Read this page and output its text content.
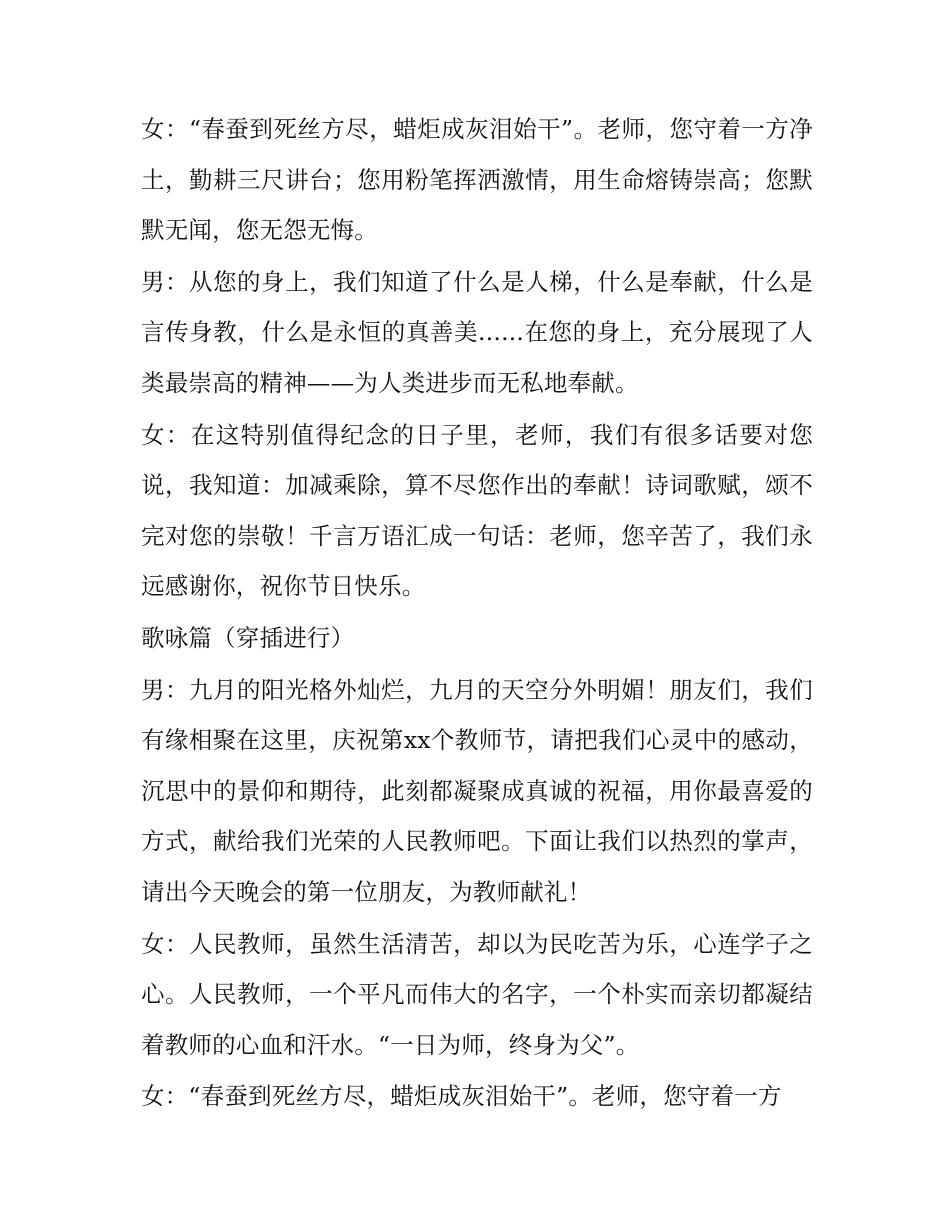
女：“春蚕到死丝方尽，蜡炬成灰泪始干”。老师，您守着一方净土，勤耕三尺讲台；您用粉笔挥洒激情，用生命熔铸崇高；您默默无闻，您无怨无悔。

男：从您的身上，我们知道了什么是人梯，什么是奉献，什么是言传身教，什么是永恒的真善美......在您的身上，充分展现了人类最崇高的精神——为人类进步而无私地奉献。

女：在这特别值得纪念的日子里，老师，我们有很多话要对您说，我知道：加减乘除，算不尽您作出的奉献！诗词歌赋，颂不完对您的崇敬！千言万语汇成一句话：老师，您辛苦了，我们永远感谢你，祝你节日快乐。

歌咏篇（穿插进行）

男：九月的阳光格外灿烂，九月的天空分外明媚！朋友们，我们有缘相聚在这里，庆祝第xx个教师节，请把我们心灵中的感动，沉思中的景仰和期待，此刻都凝聚成真诚的祝福，用你最喜爱的方式，献给我们光荣的人民教师吧。下面让我们以热烈的掌声，请出今天晚会的第一位朋友，为教师献礼！

女：人民教师，虽然生活清苦，却以为民吃苦为乐，心连学子之心。人民教师，一个平凡而伟大的名字，一个朴实而亲切都凝结着教师的心血和汗水。“一日为师，终身为父”。

女：“春蚕到死丝方尽，蜡炬成灰泪始干”。老师，您守着一方
